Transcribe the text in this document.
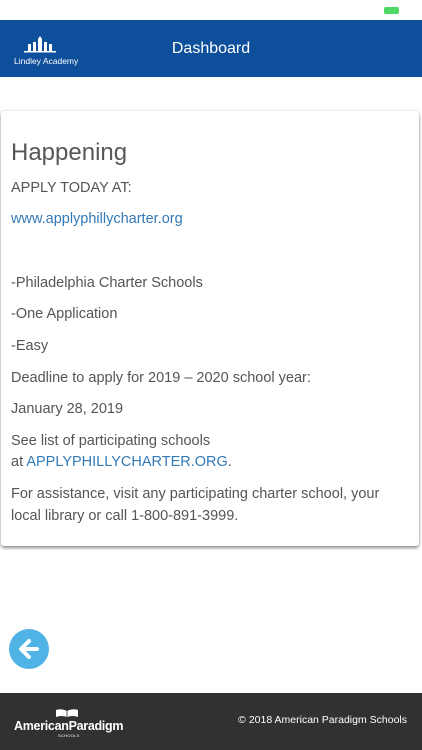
Lindley Academy
Dashboard
Happening
APPLY TODAY AT:
www.applyphillycharter.org
-Philadelphia Charter Schools
-One Application
-Easy
Deadline to apply for 2019 – 2020 school year:
January 28, 2019
See list of participating schools
at APPLYPHILLYCHARTER.ORG.
For assistance, visit any participating charter school, your
local library or call 1-800-891-3999.
AmericanParadigm
SCHOOLS
© 2018 American Paradigm Schools
